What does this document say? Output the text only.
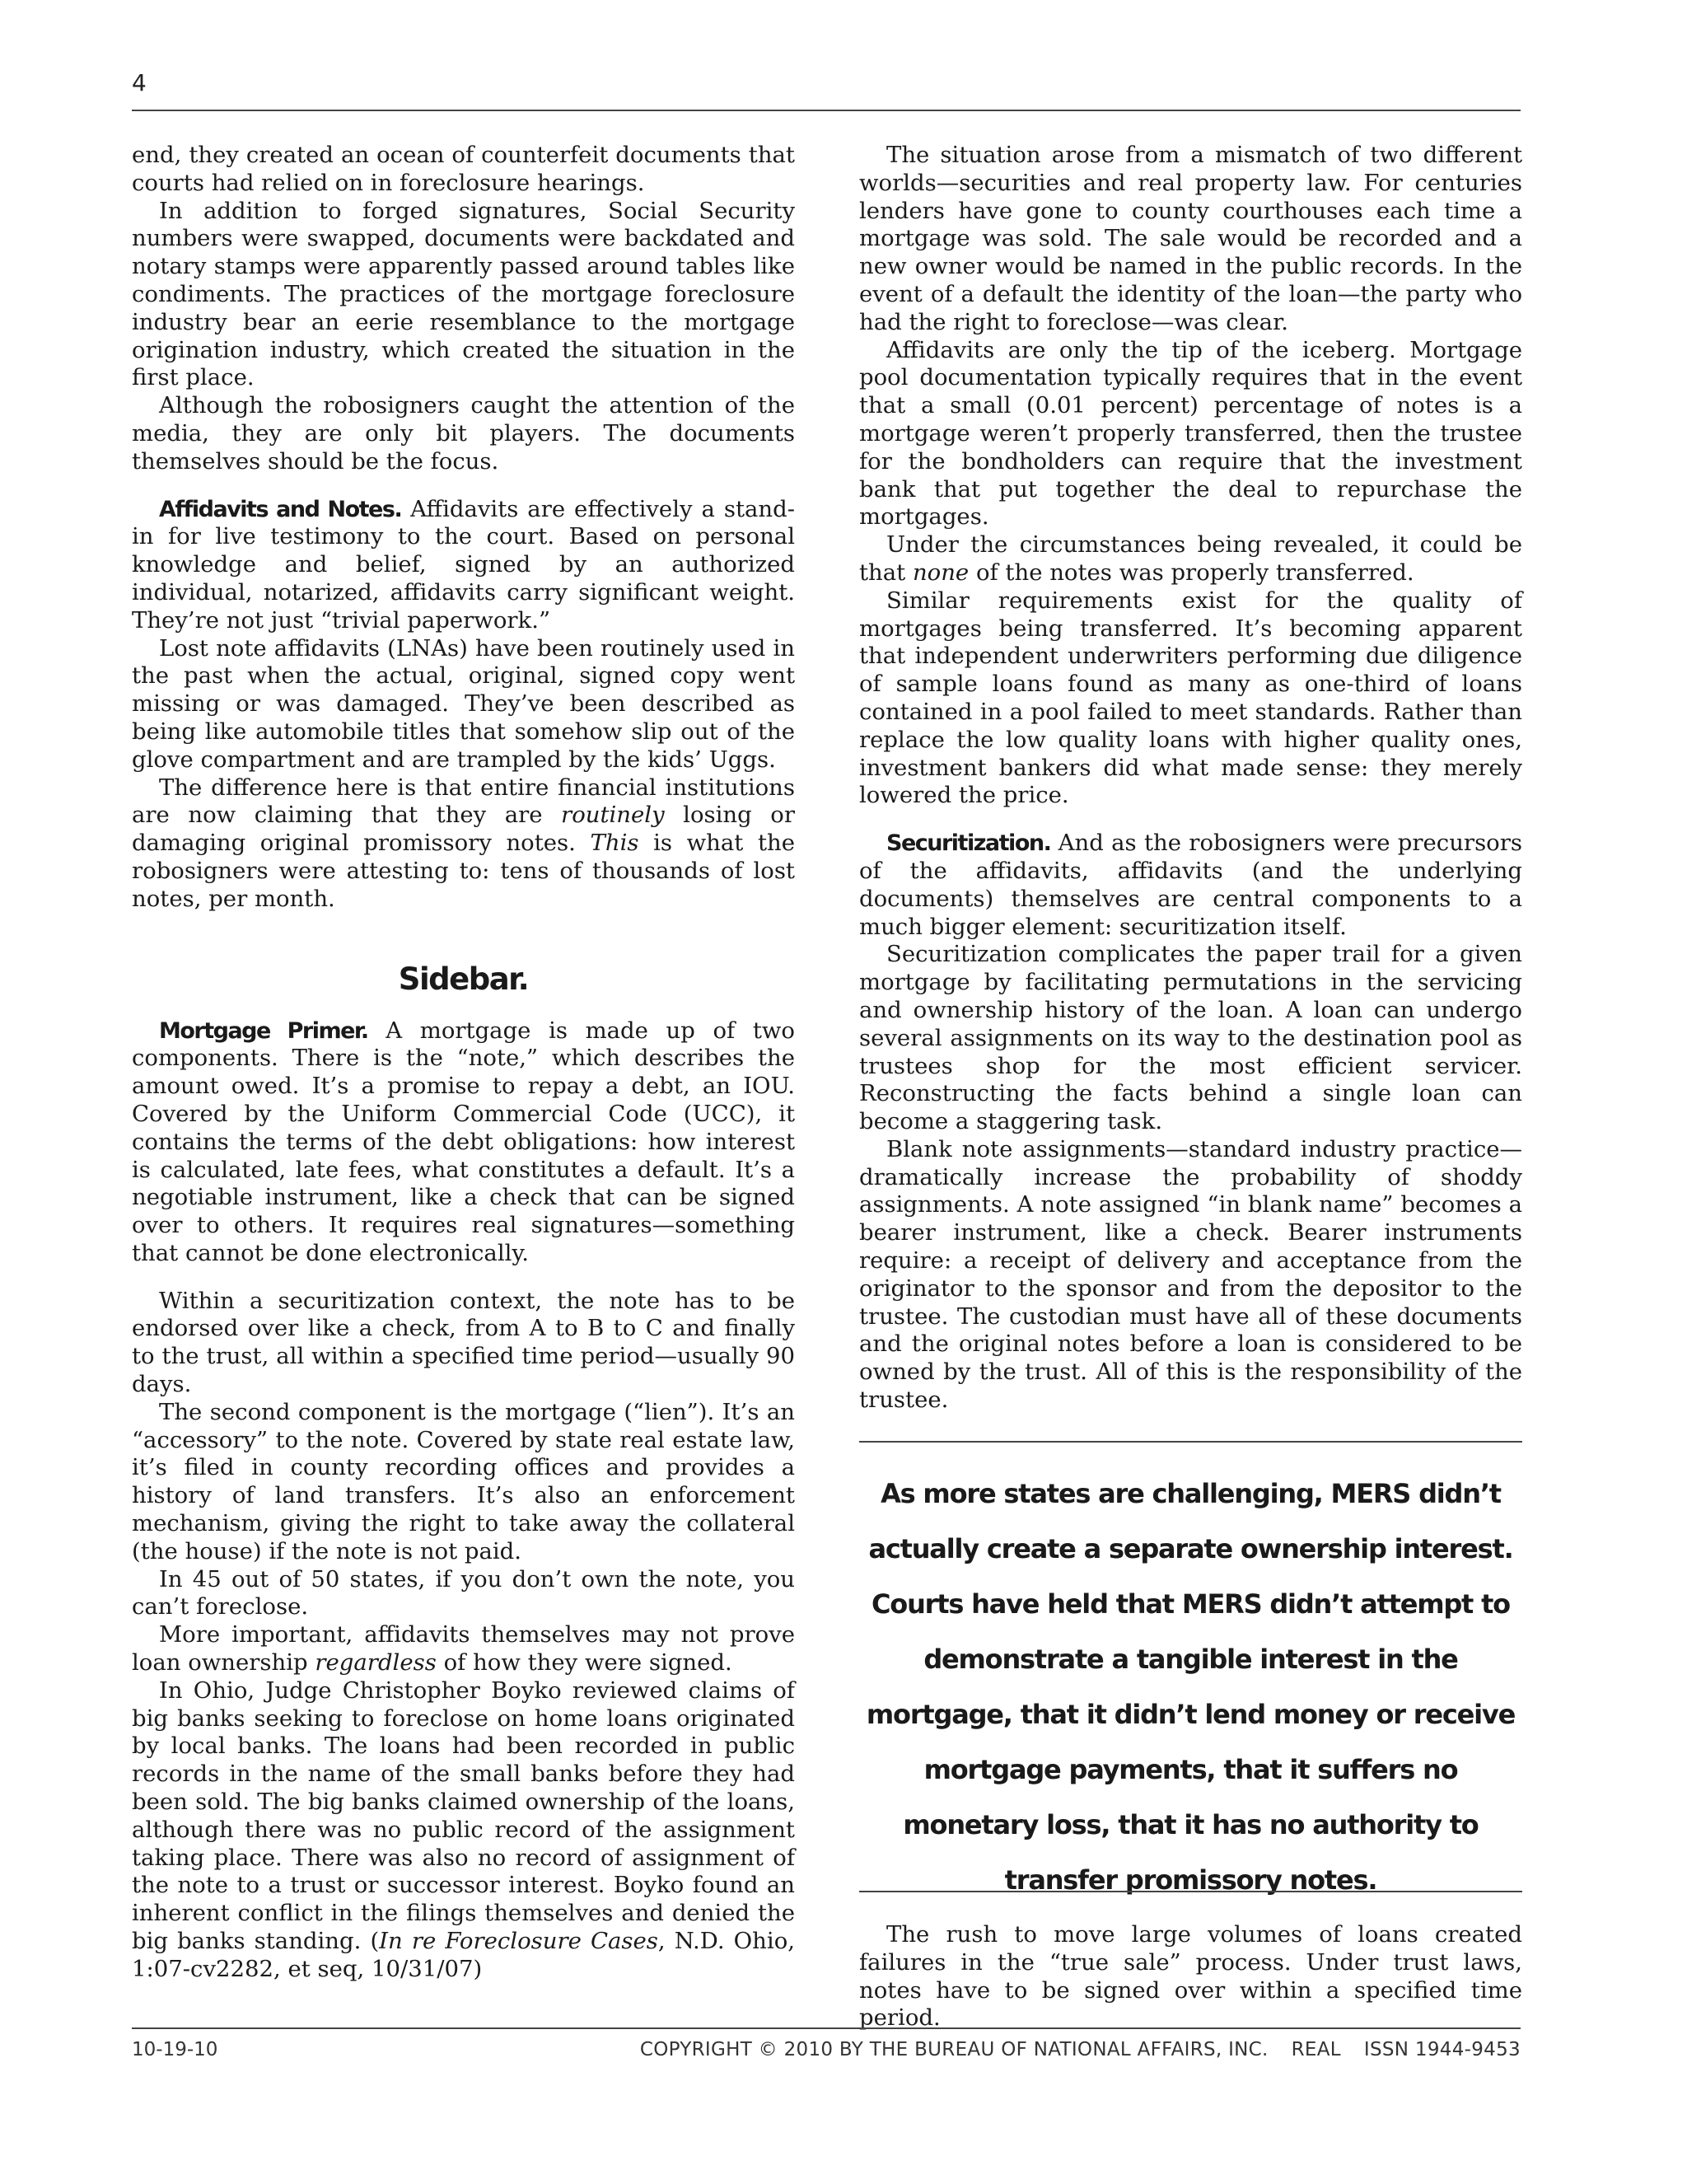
4

end, they created an ocean of counterfeit documents that courts had relied on in foreclosure hearings.

In addition to forged signatures, Social Security numbers were swapped, documents were backdated and notary stamps were apparently passed around tables like condiments. The practices of the mortgage foreclosure industry bear an eerie resemblance to the mortgage origination industry, which created the situation in the first place.

Although the robosigners caught the attention of the media, they are only bit players. The documents themselves should be the focus.

Affidavits and Notes. Affidavits are effectively a stand-in for live testimony to the court. Based on personal knowledge and belief, signed by an authorized individual, notarized, affidavits carry significant weight. They’re not just “trivial paperwork.”

Lost note affidavits (LNAs) have been routinely used in the past when the actual, original, signed copy went missing or was damaged. They’ve been described as being like automobile titles that somehow slip out of the glove compartment and are trampled by the kids’ Uggs.

The difference here is that entire financial institutions are now claiming that they are routinely losing or damaging original promissory notes. This is what the robosigners were attesting to: tens of thousands of lost notes, per month.

Sidebar.

Mortgage Primer. A mortgage is made up of two components. There is the “note,” which describes the amount owed. It’s a promise to repay a debt, an IOU. Covered by the Uniform Commercial Code (UCC), it contains the terms of the debt obligations: how interest is calculated, late fees, what constitutes a default. It’s a negotiable instrument, like a check that can be signed over to others. It requires real signatures—something that cannot be done electronically.

Within a securitization context, the note has to be endorsed over like a check, from A to B to C and finally to the trust, all within a specified time period—usually 90 days.

The second component is the mortgage (“lien”). It’s an “accessory” to the note. Covered by state real estate law, it’s filed in county recording offices and provides a history of land transfers. It’s also an enforcement mechanism, giving the right to take away the collateral (the house) if the note is not paid.

In 45 out of 50 states, if you don’t own the note, you can’t foreclose.

More important, affidavits themselves may not prove loan ownership regardless of how they were signed.

In Ohio, Judge Christopher Boyko reviewed claims of big banks seeking to foreclose on home loans originated by local banks. The loans had been recorded in public records in the name of the small banks before they had been sold. The big banks claimed ownership of the loans, although there was no public record of the assignment taking place. There was also no record of assignment of the note to a trust or successor interest. Boyko found an inherent conflict in the filings themselves and denied the big banks standing. (In re Foreclosure Cases, N.D. Ohio, 1:07-cv2282, et seq, 10/31/07)

The situation arose from a mismatch of two different worlds—securities and real property law. For centuries lenders have gone to county courthouses each time a mortgage was sold. The sale would be recorded and a new owner would be named in the public records. In the event of a default the identity of the loan—the party who had the right to foreclose—was clear.

Affidavits are only the tip of the iceberg. Mortgage pool documentation typically requires that in the event that a small (0.01 percent) percentage of notes is a mortgage weren’t properly transferred, then the trustee for the bondholders can require that the investment bank that put together the deal to repurchase the mortgages.

Under the circumstances being revealed, it could be that none of the notes was properly transferred.

Similar requirements exist for the quality of mortgages being transferred. It’s becoming apparent that independent underwriters performing due diligence of sample loans found as many as one-third of loans contained in a pool failed to meet standards. Rather than replace the low quality loans with higher quality ones, investment bankers did what made sense: they merely lowered the price.

Securitization. And as the robosigners were precursors of the affidavits, affidavits (and the underlying documents) themselves are central components to a much bigger element: securitization itself.

Securitization complicates the paper trail for a given mortgage by facilitating permutations in the servicing and ownership history of the loan. A loan can undergo several assignments on its way to the destination pool as trustees shop for the most efficient servicer. Reconstructing the facts behind a single loan can become a staggering task.

Blank note assignments—standard industry practice—dramatically increase the probability of shoddy assignments. A note assigned “in blank name” becomes a bearer instrument, like a check. Bearer instruments require: a receipt of delivery and acceptance from the originator to the sponsor and from the depositor to the trustee. The custodian must have all of these documents and the original notes before a loan is considered to be owned by the trust. All of this is the responsibility of the trustee.

As more states are challenging, MERS didn’t actually create a separate ownership interest. Courts have held that MERS didn’t attempt to demonstrate a tangible interest in the mortgage, that it didn’t lend money or receive mortgage payments, that it suffers no monetary loss, that it has no authority to transfer promissory notes.

The rush to move large volumes of loans created failures in the “true sale” process. Under trust laws, notes have to be signed over within a specified time period.

10-19-10	COPYRIGHT © 2010 BY THE BUREAU OF NATIONAL AFFAIRS, INC. REAL ISSN 1944-9453
